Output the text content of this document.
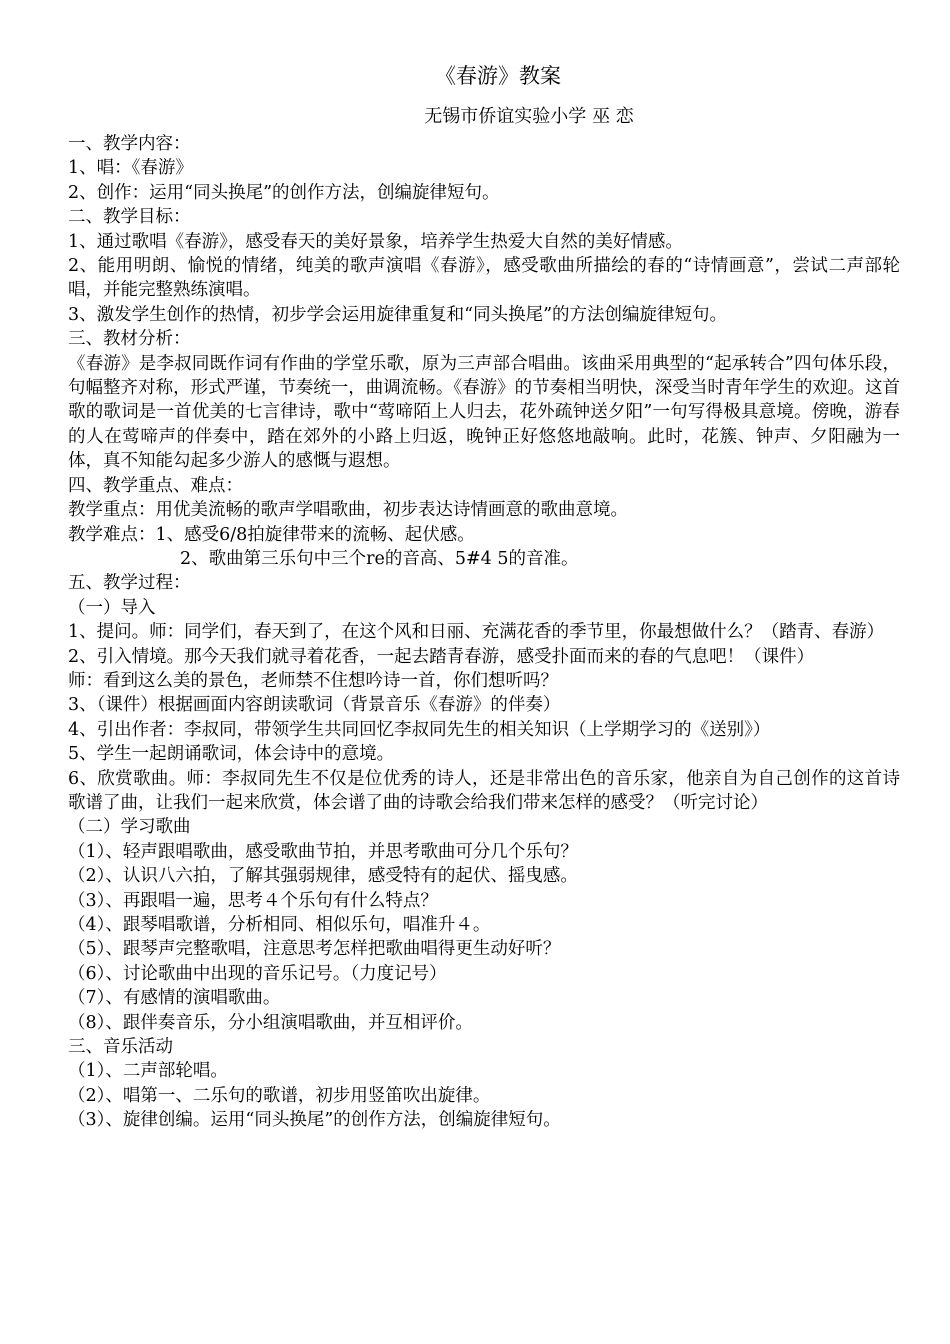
《春游》教案

无锡市侨谊实验小学 巫 恋

一、教学内容：

1、唱：《春游》

2、创作：运用“同头换尾”的创作方法，创编旋律短句。

二、教学目标：

1、通过歌唱《春游》，感受春天的美好景象，培养学生热爱大自然的美好情感。

2、能用明朗、愉悦的情绪，纯美的歌声演唱《春游》，感受歌曲所描绘的春的“诗情画意”，尝试二声部轮唱，并能完整熟练演唱。

3、激发学生创作的热情，初步学会运用旋律重复和“同头换尾”的方法创编旋律短句。

三、教材分析：

《春游》是李叔同既作词有作曲的学堂乐歌，原为三声部合唱曲。该曲采用典型的“起承转合”四句体乐段，句幅整齐对称，形式严谨，节奏统一，曲调流畅。《春游》的节奏相当明快，深受当时青年学生的欢迎。这首歌的歌词是一首优美的七言律诗，歌中“莺啼陌上人归去，花外疏钟送夕阳”一句写得极具意境。傍晚，游春的人在莺啼声的伴奏中，踏在郊外的小路上归返，晚钟正好悠悠地敲响。此时，花簇、钟声、夕阳融为一体，真不知能勾起多少游人的感慨与遐想。

四、教学重点、难点：

教学重点：用优美流畅的歌声学唱歌曲，初步表达诗情画意的歌曲意境。

教学难点：1、感受6/8拍旋律带来的流畅、起伏感。

2、歌曲第三乐句中三个re的音高、5#4 5的音准。

五、教学过程：

（一）导入

1、提问。师：同学们，春天到了，在这个风和日丽、充满花香的季节里，你最想做什么？（踏青、春游）

2、引入情境。那今天我们就寻着花香，一起去踏青春游，感受扑面而来的春的气息吧！（课件）

师：看到这么美的景色，老师禁不住想吟诗一首，你们想听吗？

3、（课件）根据画面内容朗读歌词（背景音乐《春游》的伴奏）

4、引出作者：李叔同，带领学生共同回忆李叔同先生的相关知识（上学期学习的《送别》）

5、学生一起朗诵歌词，体会诗中的意境。

6、欣赏歌曲。师：李叔同先生不仅是位优秀的诗人，还是非常出色的音乐家，他亲自为自己创作的这首诗歌谱了曲，让我们一起来欣赏，体会谱了曲的诗歌会给我们带来怎样的感受？（听完讨论）

（二）学习歌曲

（1）、轻声跟唱歌曲，感受歌曲节拍，并思考歌曲可分几个乐句？

（2）、认识八六拍，了解其强弱规律，感受特有的起伏、摇曳感。

（3）、再跟唱一遍，思考４个乐句有什么特点？

（4）、跟琴唱歌谱，分析相同、相似乐句，唱准升４。

（5）、跟琴声完整歌唱，注意思考怎样把歌曲唱得更生动好听？

（6）、讨论歌曲中出现的音乐记号。（力度记号）

（7）、有感情的演唱歌曲。

（8）、跟伴奏音乐，分小组演唱歌曲，并互相评价。

三、音乐活动

（1）、二声部轮唱。

（2）、唱第一、二乐句的歌谱，初步用竖笛吹出旋律。

（3）、旋律创编。运用“同头换尾”的创作方法，创编旋律短句。
